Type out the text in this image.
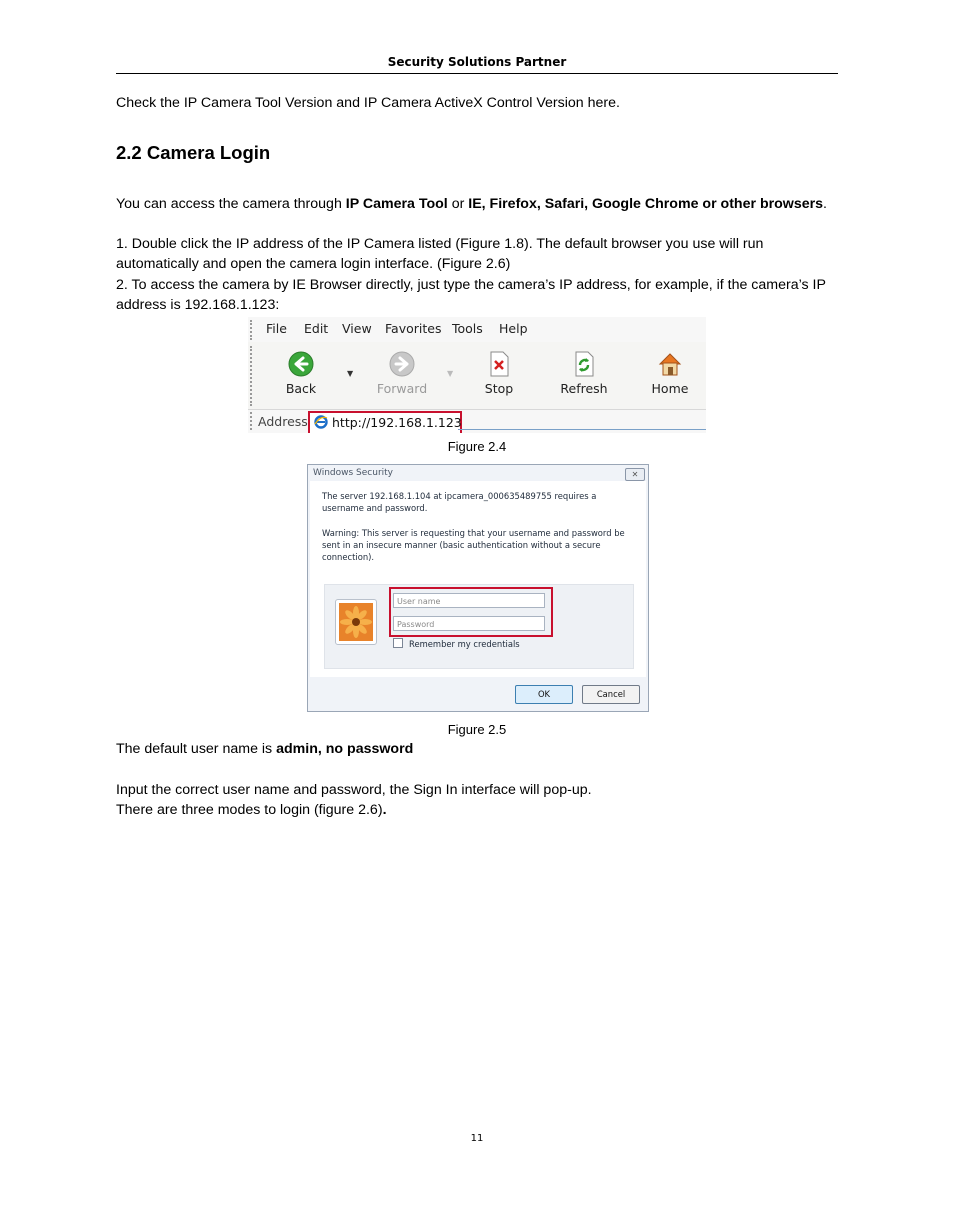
Security Solutions Partner

Check the IP Camera Tool Version and IP Camera ActiveX Control Version here.

2.2 Camera Login

You can access the camera through IP Camera Tool or IE, Firefox, Safari, Google Chrome or other browsers.

1. Double click the IP address of the IP Camera listed (Figure 1.8). The default browser you use will run automatically and open the camera login interface. (Figure 2.6)

2. To access the camera by IE Browser directly, just type the camera’s IP address, for example, if the camera’s IP address is 192.168.1.123:

File Edit View Favorites Tools Help
Back
▼
Forward
▼
Stop	Refresh	Home
Address http://192.168.1.123
Figure 2.4
Windows Security	✕

The server 192.168.1.104 at ipcamera_000635489755 requires a username and password.

Warning: This server is requesting that your username and password be sent in an insecure manner (basic authentication without a secure connection).

User name
Password
Remember my credentials
OK	Cancel
Figure 2.5

The default user name is admin, no password

Input the correct user name and password, the Sign In interface will pop-up.

There are three modes to login (figure 2.6).

11
